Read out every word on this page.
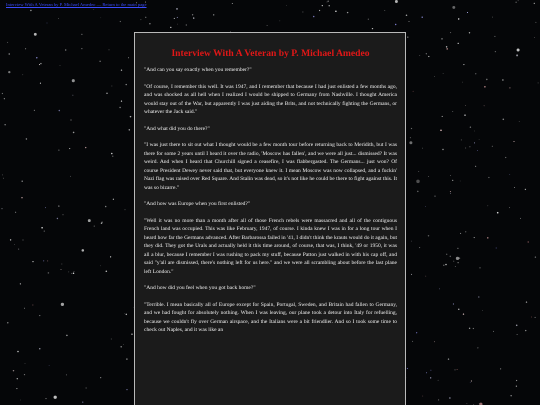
Interview With A Veteran by P. Michael Amedeo — Return to the main page
Interview With A Veteran by P. Michael Amedeo

"And can you say exactly when you remember?"

"Of course, I remember this well. It was 1947, and I remember that because I had just enlisted a few months ago, and was shocked as all hell when I realized I would be shipped to Germany from Nashville. I thought America would stay out of the War, but apparently I was just aiding the Brits, and not technically fighting the Germans, or whatever the Jack said."

"And what did you do there?"

"I was just there to sit out what I thought would be a few month tour before returning back to Meridith, but I was there for some 2 years until I heard it over the radio, 'Moscow has fallen', and we were all just... dismissed? It was weird. And when I heard that Churchill signed a ceasefire, I was flabbergasted. The Germans... just won? Of course President Dewey never said that, but everyone knew it. I mean Moscow was now collapsed, and a fuckin' Nazi flag was raised over Red Square. And Stalin was dead, so it's not like he could be there to fight against this. It was so bizarre."

"And how was Europe when you first enlisted?"

"Well it was no more than a month after all of those French rebels were massacred and all of the contiguous French land was occupied. This was like February, 1947, of course. I kinda knew I was in for a long tour when I heard how far the Germans advanced. After Barbarossa failed in '41, I didn't think the krauts would do it again, but they did. They got the Urals and actually held it this time around, of course, that was, I think, '49 or 1950, it was all a blur, because I remember I was rushing to pack my stuff, because Patton just walked in with his cap off, and said "y'all are dismissed, there's nothing left for us here." and we were all scrambling about before the last plane left London."

"And how did you feel when you got back home?"

"Terrible. I mean basically all of Europe except for Spain, Portugal, Sweden, and Britain had fallen to Germany, and we had fought for absolutely nothing. When I was leaving, our plane took a detour into Italy for refuelling, because we couldn't fly over German airspace, and the Italians were a bit friendlier. And so I took some time to check out Naples, and it was like an
